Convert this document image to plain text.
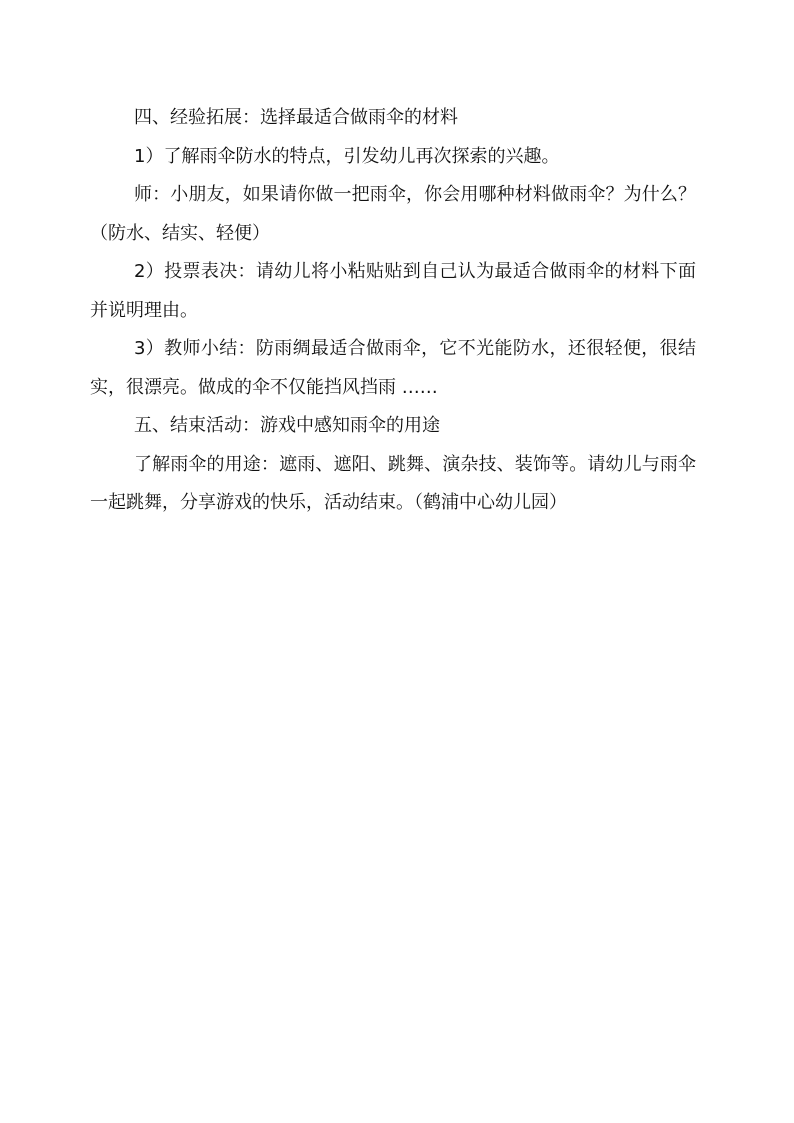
四、经验拓展：选择最适合做雨伞的材料

1）了解雨伞防水的特点，引发幼儿再次探索的兴趣。

师：小朋友，如果请你做一把雨伞，你会用哪种材料做雨伞？为什么？（防水、结实、轻便）

2）投票表决：请幼儿将小粘贴贴到自己认为最适合做雨伞的材料下面并说明理由。

3）教师小结：防雨绸最适合做雨伞，它不光能防水，还很轻便，很结实，很漂亮。做成的伞不仅能挡风挡雨 ……

五、结束活动：游戏中感知雨伞的用途

了解雨伞的用途：遮雨、遮阳、跳舞、演杂技、装饰等。请幼儿与雨伞一起跳舞，分享游戏的快乐，活动结束。（鹤浦中心幼儿园）
